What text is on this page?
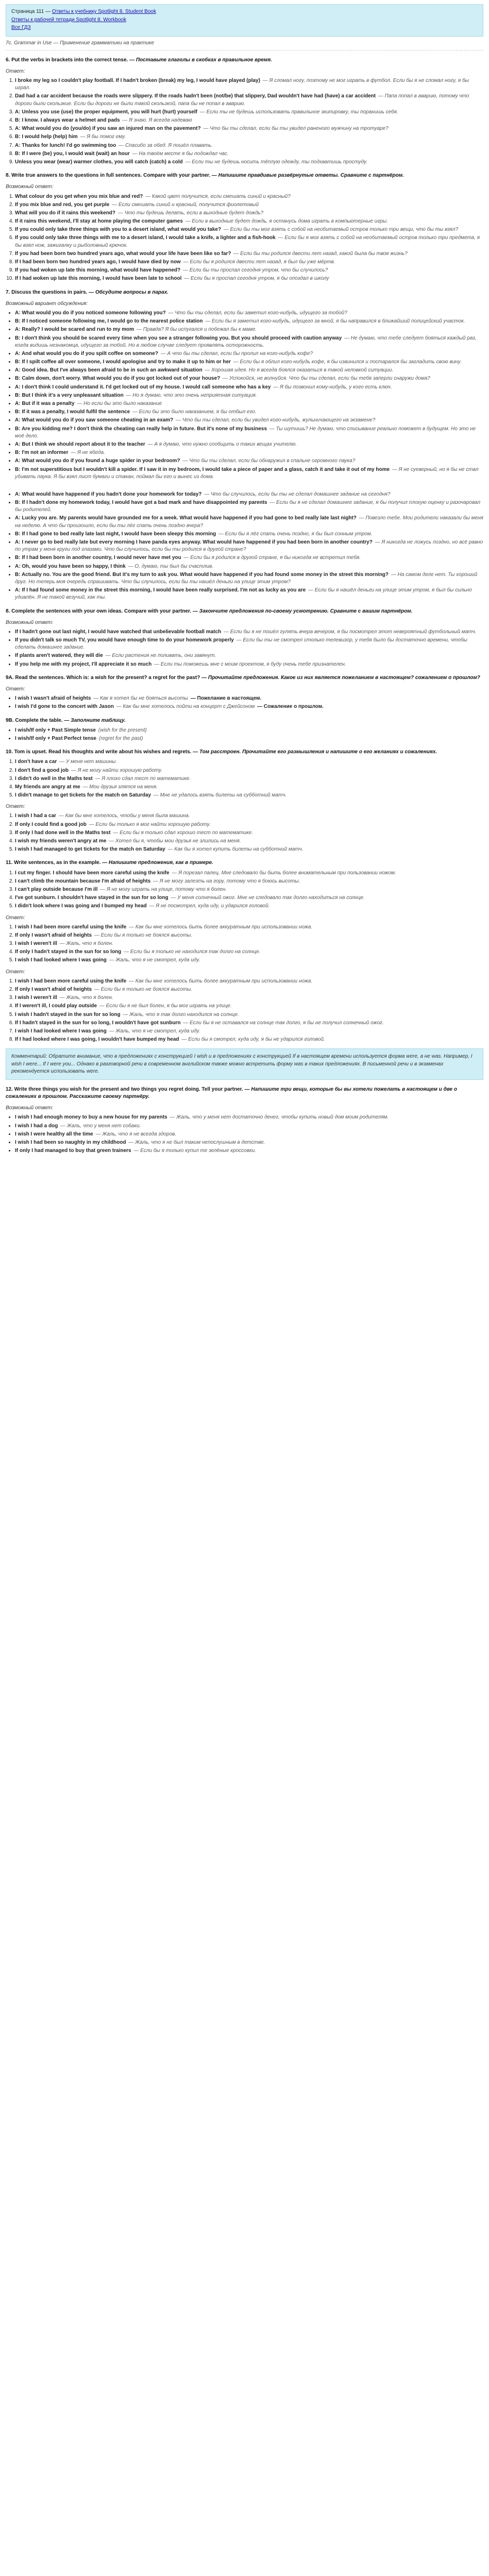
Страница 111 — Ответы к учебнику Spotlight 8. Student Book
Ответы к рабочей тетради Spotlight 8. Workbook
Все ГДЗ
7c. Grammar in Use — Применение грамматики на практике
6. Put the verbs in brackets into the correct tense. — Поставьте глаголы в скобках в правильное время.
Ответ:
1. I broke my leg so I couldn't play football. If I hadn't broken (break) my leg, I would have played (play) — Я сломал ногу, поэтому не мог играть в футбол. Если бы я не сломал ногу, я бы играл.
2. Dad had a car accident because the roads were slippery. If the roads hadn't been (not/be) that slippery, Dad wouldn't have had (have) a car accident — Папа попал в аварию, потому что дороги были скользкие. Если бы дороги не были такой скользкой, папа бы не попал в аварию.
3. A: Unless you use (use) the proper equipment, you will hurt (hurt) yourself — Если ты не будешь использовать правильное экипировку, ты поранишь себя.
4. B: I know. I always wear a helmet and pads — Я знаю. Я всегда надеваю
5. A: What would you do (you/do) if you saw an injured man on the pavement? — Что бы ты сделал, если бы ты увидел раненого мужчину на тротуаре?
6. B: I would help (help) him — Я бы помог ему.
7. A: Thanks for lunch! I'd go swimming too — Спасибо за обед. Я пошёл плавать.
8. B: If I were (be) you, I would wait (wait) an hour — На твоём месте я бы подождал час.
9. Unless you wear (wear) warmer clothes, you will catch (catch) a cold — Если ты не будешь носить тёплую одежду, ты подхватишь простуду.
8. Write true answers to the questions in full sentences. Compare with your partner. — Напишите правдивые развёрнутые ответы. Сравните с партнёром.
Возможный ответ:
1. What colour do you get when you mix blue and red? — Какой цвет получится, если смешать синий и красный?
2. If you mix blue and red, you get purple — Если смешать синий и красный, получится фиолетовый
3. What will you do if it rains this weekend? — Что ты будешь делать, если в выходные будет дождь?
4. If it rains this weekend, I'll stay at home playing the computer games — Если в выходные будет дождь, я останусь дома играть в компьютерные игры.
5. If you could only take three things with you to a desert island, what would you take? — Если бы ты мог взять с собой на необитаемый остров только три вещи, что бы ты взял?
6. If you could only take three things with me to a desert island, I would take a knife, a lighter and a fish-hook — Если бы я мог взять с собой на необитаемый остров только три предмета, я бы взял нож, зажигалку и рыболовный крючок.
7. If you had been born two hundred years ago, what would your life have been like so far? — Если бы ты родился двести лет назад, какой была бы твоя жизнь?
8. If I had been born two hundred years ago, I would have died by now — Если бы я родился двести лет назад, я был бы уже мёртв.
9. If you had woken up late this morning, what would have happened? — Если бы ты проспал сегодня утром, что бы случилось?
10. If I had woken up late this morning, I would have been late to school — Если бы я проспал сегодня утром, я бы опоздал в школу
7. Discuss the questions in pairs. — Обсудите вопросы в парах.
Возможный вариант обсуждения:
• A: What would you do if you noticed someone following you? — Что бы ты сделал, если бы заметил кого-нибудь, идущего за тобой?
• B: If I noticed someone following me, I would go to the nearest police station — Если бы я заметил кого-нибудь, идущего за мной, я бы направился в ближайший полицейский участок.
• A: Really? I would be scared and run to my mom — Правда? Я бы испугался и побежал бы к маме.
• B: I don't think you should be scared every time when you see a stranger following you. But you should proceed with caution anyway — Не думаю, что тебе следует бояться каждый раз, когда видишь незнакомца, идущего за тобой. Но в любом случае следует проявлять осторожность.
• A: And what would you do if you spilt coffee on someone? — А что бы ты сделал, если бы пролил на кого-нибудь кофе?
• B: If I spilt coffee all over someone, I would apologise and try to make it up to him or her — Если бы я облил кого-нибудь кофе, я бы извинился и постарался бы загладить свою вину.
• A: Good idea. But I've always been afraid to be in such an awkward situation — Хорошая идея. Но я всегда боялся оказаться в такой неловкой ситуации.
• B: Calm down, don't worry. What would you do if you got locked out of your house? — Успокойся, не волнуйся. Что бы ты сделал, если бы тебя заперли снаружи дома?
• A: I don't think I could understand it. I'd get locked out of my house. I would call someone who has a key — Я бы позвонил кому-нибудь, у кого есть ключ.
• B: But I think it's a very unpleasant situation — Но я думаю, что это очень неприятная ситуация.
• A: But if it was a penalty — Но если бы это было наказание
• B: If it was a penalty, I would fulfil the sentence — Если бы это было наказанием, я бы отбыл его.
• A: What would you do if you saw someone cheating in an exam? — Что бы ты сделал, если бы увидел кого-нибудь, жульничающего на экзамене?
• B: Are you kidding me? I don't think the cheating can really help in future. But it's none of my business — Ты шутишь? Не думаю, что списывание реально поможет в будущем. Но это не моё дело.
• A: But I think we should report about it to the teacher — А я думаю, что нужно сообщить о таких вещах учителю.
• B: I'm not an informer — Я не ябеда.
• A: What would you do if you found a huge spider in your bedroom? — Что бы ты сделал, если бы обнаружил в спальне огромного паука?
• B: I'm not superstitious but I wouldn't kill a spider. If I saw it in my bedroom, I would take a piece of paper and a glass, catch it and take it out of my home — Я не суеверный, но я бы не стал убивать паука. Я бы взял лист бумаги и стакан, поймал бы его и вынес из дома.
• A: What would have happened if you hadn't done your homework for today? — Что бы случилось, если бы ты не сделал домашнее задание на сегодня?
• B: If I hadn't done my homework today, I would have got a bad mark and have disappointed my parents — Если бы я не сделал домашнее задание, я бы получил плохую оценку и разочаровал бы родителей.
• A: Lucky you are. My parents would have grounded me for a week. What would have happened if you had gone to bed really late last night? — Повезло тебе. Мои родители наказали бы меня на неделю. А что бы произошло, если бы ты лёг спать очень поздно вчера?
• B: If I had gone to bed really late last night, I would have been sleepy this morning — Если бы я лёг спать очень поздно, я бы был сонным утром.
• A: I never go to bed really late but every morning I have panda eyes anyway. What would have happened if you had been born in another country? — Я никогда не ложусь поздно, но всё равно по утрам у меня круги под глазами. Что бы случилось, если бы ты родился в другой стране?
• B: If I had been born in another country, I would never have met you — Если бы я родился в другой стране, я бы никогда не встретил тебя.
• A: Oh, would you have been so happy, I think — О, думаю, ты был бы счастлив.
• B: Actually no. You are the good friend. But it's my turn to ask you. What would have happened if you had found some money in the street this morning? — На самом деле нет. Ты хороший друг. Но теперь моя очередь спрашивать. Что бы случилось, если бы ты нашёл деньги на улице этим утром?
• A: If I had found some money in the street this morning, I would have been really surprised. I'm not as lucky as you are — Если бы я нашёл деньги на улице этим утром, я был бы сильно удивлён. Я не такой везучий, как ты.
8. Complete the sentences with your own ideas. Compare with your partner. — Закончите предложения по-своему усмотрению. Сравните с вашим партнёром.
Возможный ответ:
• If I hadn't gone out last night, I would have watched that unbelievable football match — Если бы я не пошёл гулять вчера вечером, я бы посмотрел этот невероятный футбольный матч.
• If you didn't talk so much TV, you would have enough time to do your homework properly — Если бы ты не смотрел столько телевизор, у тебя было бы достаточно времени, чтобы сделать домашнее задание.
• If plants aren't watered, they will die — Если растения не поливать, они завянут.
• If you help me with my project, I'll appreciate it so much — Если ты поможешь мне с моим проектом, я буду очень тебе признателен.
9A. Read the sentences. Which is: a wish for the present? a regret for the past? — Прочитайте предложения. Какое из них является пожеланием в настоящем? сожалением о прошлом?
Ответ:
• I wish I wasn't afraid of heights — Как я хотел бы не бояться высоты — Пожелание в настоящем.
• I wish I'd gone to the concert with Jason — Как бы мне хотелось пойти на концерт с Джейсоном — Сожаление о прошлом.
9B. Complete the table. — Заполните таблицу.
• I wish/If only + Past Simple tense (wish for the present)
• I wish/If only + Past Perfect tense (regret for the past)
10. Tom is upset. Read his thoughts and write about his wishes and regrets. — Том расстроен. Прочитайте его размышления и напишите о его желаниях и сожалениях.
1. I don't have a car — У меня нет машины.
2. I don't find a good job — Я не могу найти хорошую работу.
3. I didn't do well in the Maths test — Я плохо сдал тест по математике.
4. My friends are angry at me — Мои друзья злятся на меня.
5. I didn't manage to get tickets for the match on Saturday — Мне не удалось взять билеты на субботний матч.
Ответ:
1. I wish I had a car — Как бы мне хотелось, чтобы у меня была машина.
2. If only I could find a good job — Если бы только я мог найти хорошую работу.
3. If only I had done well in the Maths test — Если бы я только сдал хорошо тест по математике.
4. I wish my friends weren't angry at me — Хотел бы я, чтобы мои друзья не злились на меня.
5. I wish I had managed to get tickets for the match on Saturday — Как бы я хотел купить билеты на субботний матч.
11. Write sentences, as in the example. — Напишите предложения, как в примере.
1. I cut my finger. I should have been more careful using the knife — Я порезал палец. Мне следовало бы быть более внимательным при пользовании ножом.
2. I can't climb the mountain because I'm afraid of heights — Я не могу залезть на гору, потому что я боюсь высоты.
3. I can't play outside because I'm ill — Я не могу играть на улице, потому что я болен.
4. I've got sunburn. I shouldn't have stayed in the sun for so long — У меня солнечный ожог. Мне не следовало так долго находиться на солнце.
5. I didn't look where I was going and I bumped my head — Я не посмотрел, куда иду, и ударился головой.
Ответ:
1. I wish I had been more careful using the knife — Как бы мне хотелось быть более аккуратным при использовании ножа.
2. If only I wasn't afraid of heights — Если бы я только не боялся высоты.
3. I wish I weren't ill — Жаль, что я болен.
4. If only I hadn't stayed in the sun for so long — Если бы я только не находился так долго на солнце.
5. I wish I had looked where I was going — Жаль, что я не смотрел, куда иду.
Ответ:
1. I wish I had been more careful using the knife — Как бы мне хотелось быть более аккуратным при использовании ножа.
2. If only I wasn't afraid of heights — Если бы я только не боялся высоты.
3. I wish I weren't ill — Жаль, что я болен.
4. If I weren't ill, I could play outside — Если бы я не был болен, я бы мог играть на улице.
5. I wish I hadn't stayed in the sun for so long — Жаль, что я так долго находился на солнце.
6. If I hadn't stayed in the sun for so long, I wouldn't have got sunburn — Если бы я не оставался на солнце так долго, я бы не получил солнечный ожог.
7. I wish I had looked where I was going — Жаль, что я не смотрел, куда иду.
8. If I had looked where I was going, I wouldn't have bumped my head — Если бы я смотрел, куда иду, я бы не ударился головой.
Комментарий: Обратите внимание, что в предложениях с конструкцией I wish и в предложениях с конструкцией If в настоящем времени используется форма were, а не was. Например, I wish I were... If I were you... Однако в разговорной речи в современном английском также можно встретить форму was в таких предложениях. В письменной речи и в экзаменах рекомендуется использовать were.
12. Write three things you wish for the present and two things you regret doing. Tell your partner. — Напишите три вещи, которые бы вы хотели пожелать в настоящем и две о сожалениях в прошлом. Расскажите своему партнёру.
Возможный ответ:
• I wish I had enough money to buy a new house for my parents — Жаль, что у меня нет достаточно денег, чтобы купить новый дом моим родителям.
• I wish I had a dog — Жаль, что у меня нет собаки.
• I wish I were healthy all the time — Жаль, что я не всегда здоров.
• I wish I had been so naughty in my childhood — Жаль, что я не был таким непослушным в детстве.
• If only I had managed to buy that green trainers — Если бы я только купил те зелёные кроссовки.
